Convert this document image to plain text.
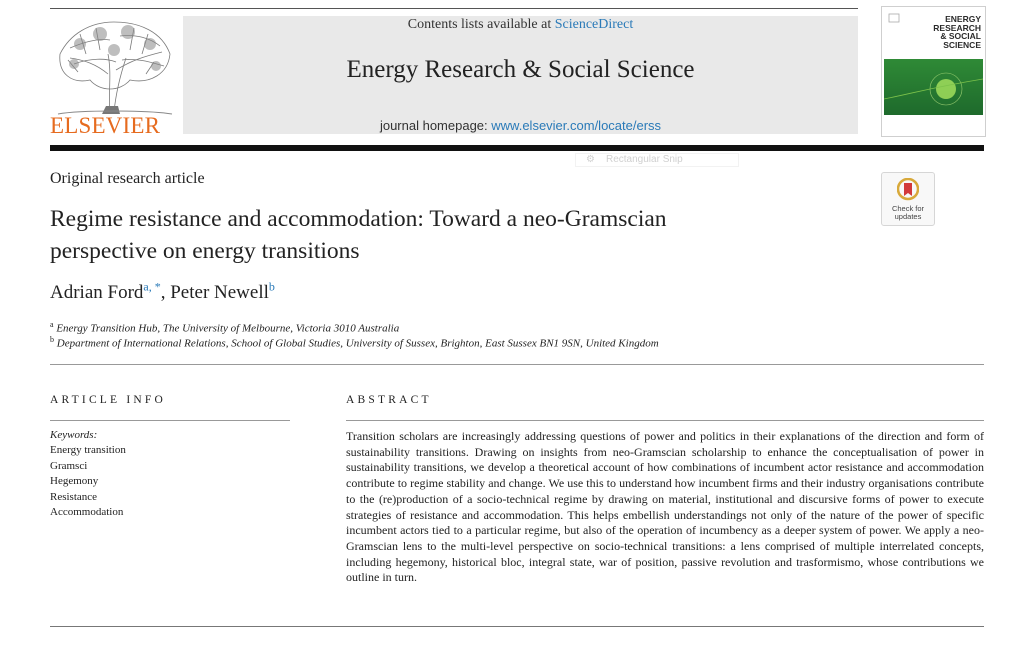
ELSEVIER
Contents lists available at ScienceDirect
Energy Research & Social Science
journal homepage: www.elsevier.com/locate/erss
ENERGY
RESEARCH
& SOCIAL
SCIENCE
⚙ Rectangular Snip
Original research article
Regime resistance and accommodation: Toward a neo-Gramscian
perspective on energy transitions
Check for
updates
Adrian Ford$^{a, *}$, Peter Newell$^b$
$^a$ Energy Transition Hub, The University of Melbourne, Victoria 3010 Australia
$^b$ Department of International Relations, School of Global Studies, University of Sussex, Brighton, East Sussex BN1 9SN, United Kingdom
ARTICLE INFO
Keywords:
Energy transition
Gramsci
Hegemony
Resistance
Accommodation
ABSTRACT

Transition scholars are increasingly addressing questions of power and politics in their explanations of the direction and form of sustainability transitions. Drawing on insights from neo-Gramscian scholarship to enhance the conceptualisation of power in sustainability transitions, we develop a theoretical account of how combinations of incumbent actor resistance and accommodation contribute to regime stability and change. We use this to understand how incumbent firms and their industry organisations contribute to the (re)production of a socio-technical regime by drawing on material, institutional and discursive forms of power to execute strategies of resistance and accommodation. This helps embellish understandings not only of the nature of the power of specific incumbent actors tied to a particular regime, but also of the operation of incumbency as a deeper system of power. We apply a neo-Gramscian lens to the multi-level perspective on socio-technical transitions: a lens comprised of multiple interrelated concepts, including hegemony, historical bloc, integral state, war of position, passive revolution and trasformismo, whose contributions we outline in turn.
